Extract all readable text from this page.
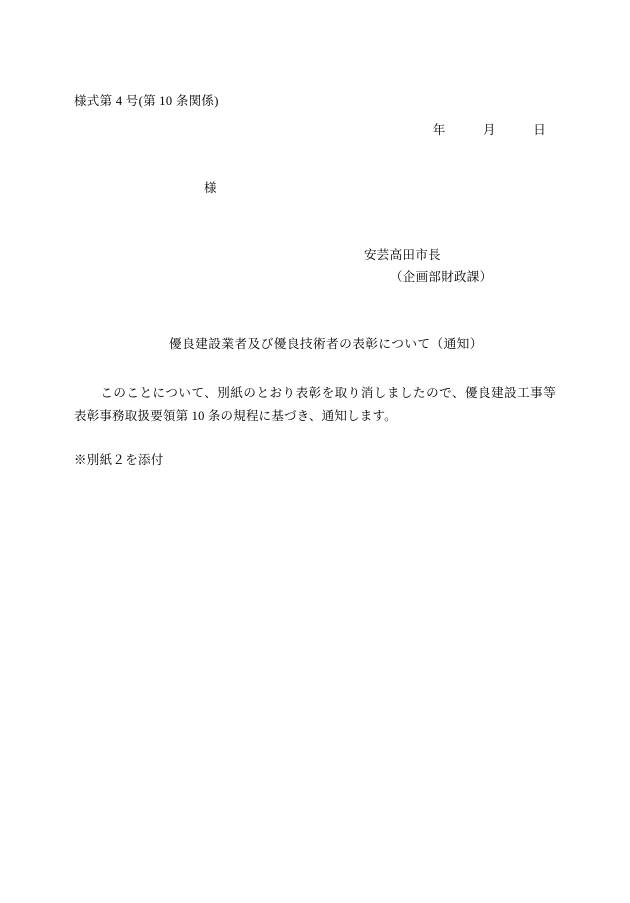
様式第 4 号(第 10 条関係)
年	月	日
様
安芸高田市長
（企画部財政課）
優良建設業者及び優良技術者の表彰について（通知）
このことについて、別紙のとおり表彰を取り消しましたので、優良建設工事等表彰事務取扱要領第 10 条の規程に基づき、通知します。
※別紙２を添付
